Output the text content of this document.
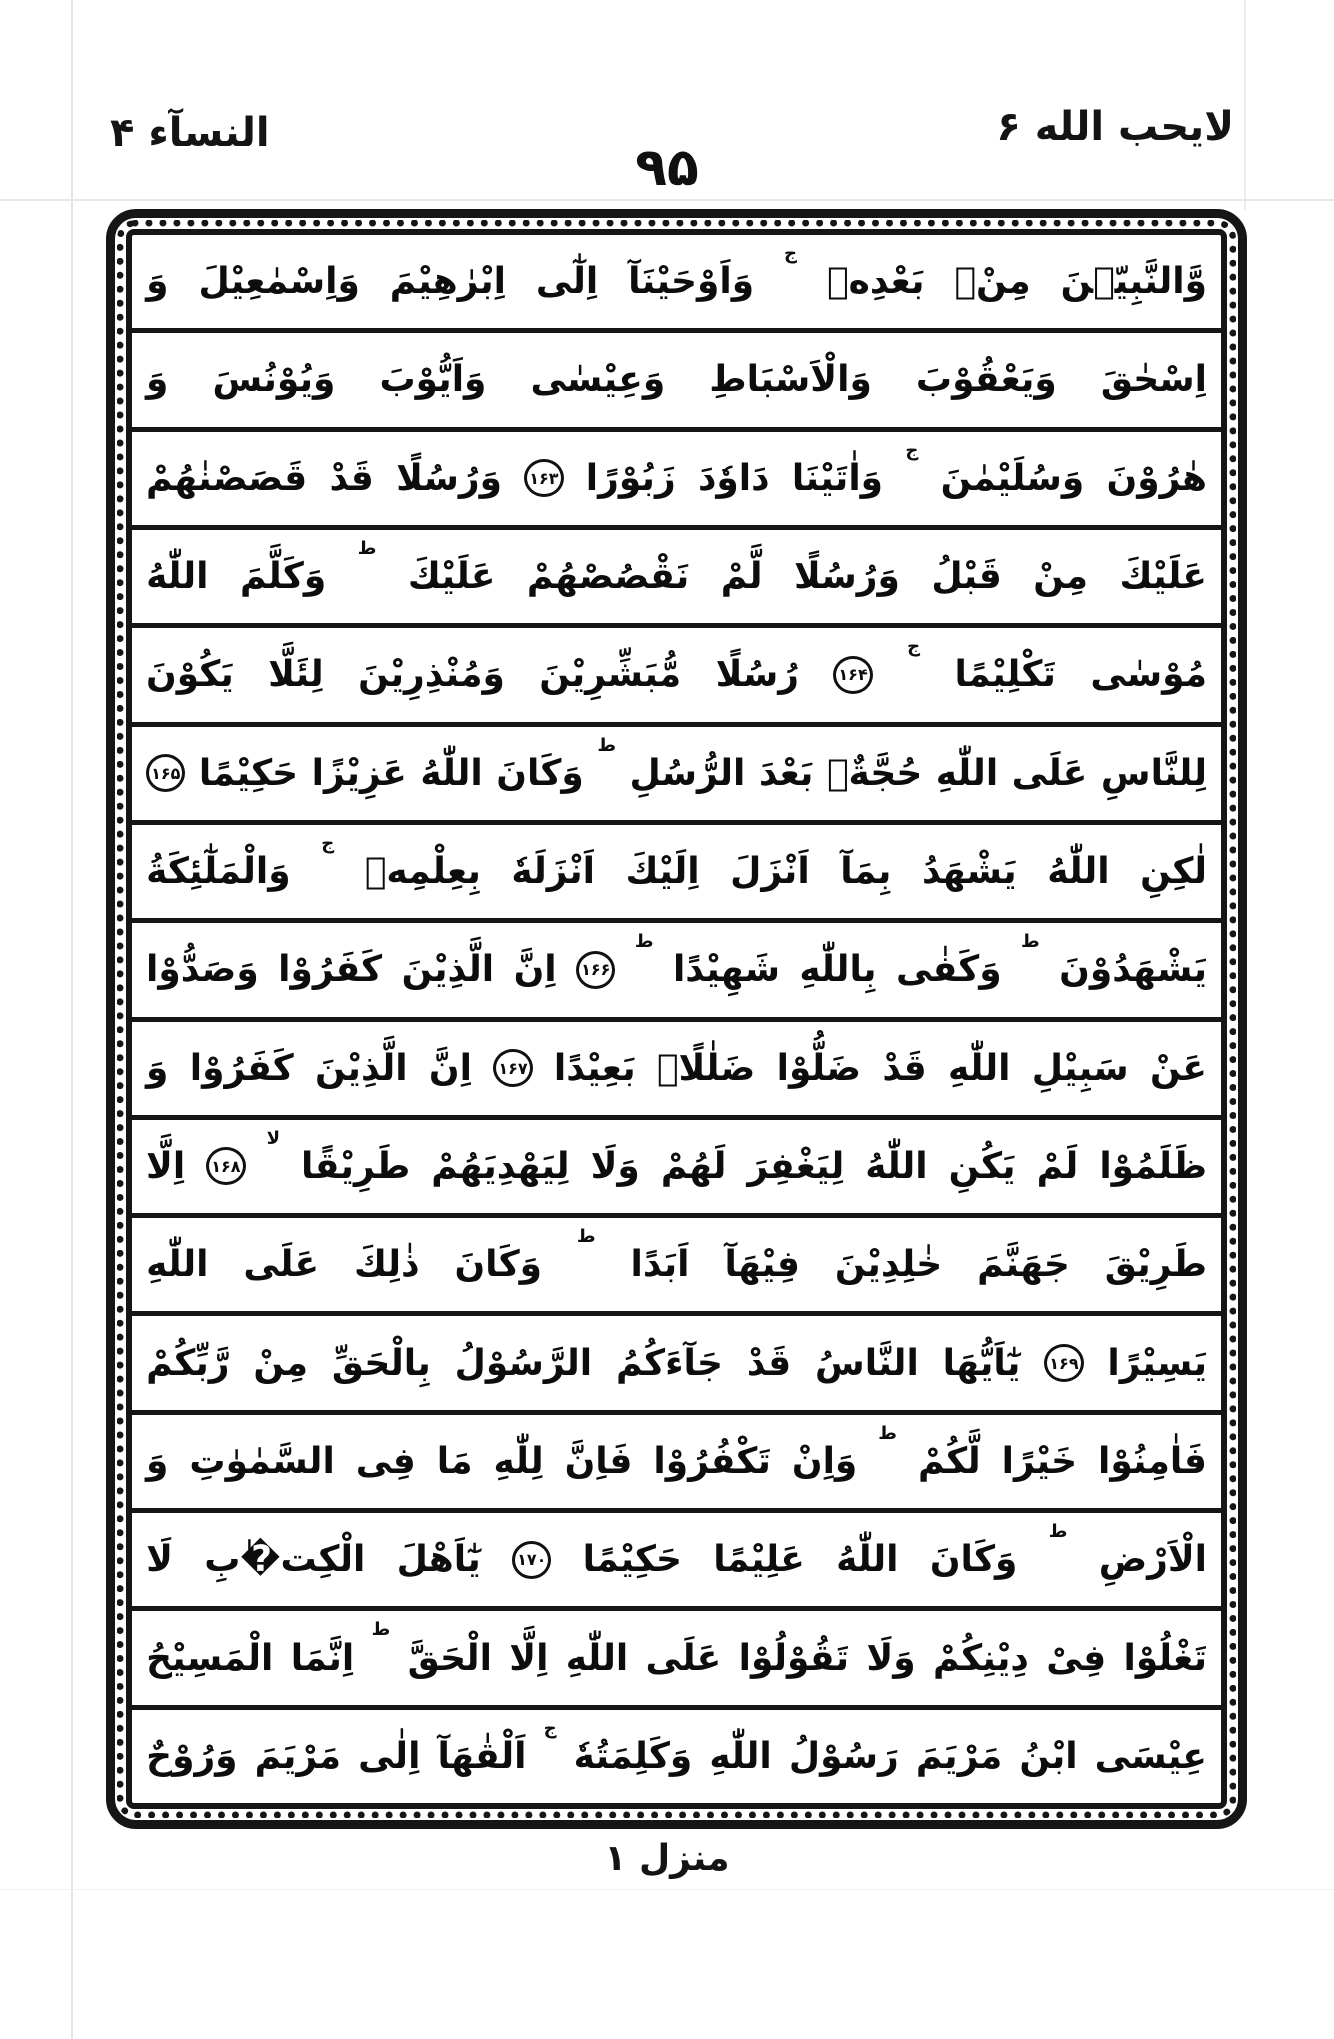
لايحب الله ۶
۹۵
النسآء ۴
وَّالنَّبِيّٖنَ
مِنْۢ
بَعْدِهٖ
ج
وَاَوْحَيْنَآ
اِلٰٓى
اِبْرٰهِيْمَ
وَاِسْمٰعِيْلَ
وَ
اِسْحٰقَ
وَيَعْقُوْبَ
وَالْاَسْبَاطِ
وَعِيْسٰى
وَاَيُّوْبَ
وَيُوْنُسَ
وَ
هٰرُوْنَ
وَسُلَيْمٰنَ
ج
وَاٰتَيْنَا
دَاوٗدَ
زَبُوْرًا
۱۶۳
وَرُسُلًا
قَدْ
قَصَصْنٰهُمْ
عَلَيْكَ
مِنْ
قَبْلُ
وَرُسُلًا
لَّمْ
نَقْصُصْهُمْ
عَلَيْكَ
ط
وَكَلَّمَ
اللّٰهُ
مُوْسٰى
تَكْلِيْمًا
ج
۱۶۴
رُسُلًا
مُّبَشِّرِيْنَ
وَمُنْذِرِيْنَ
لِئَلَّا
يَكُوْنَ
لِلنَّاسِ
عَلَى
اللّٰهِ
حُجَّةٌۢ
بَعْدَ
الرُّسُلِ
ط
وَكَانَ
اللّٰهُ
عَزِيْزًا
حَكِيْمًا
۱۶۵
لٰكِنِ
اللّٰهُ
يَشْهَدُ
بِمَآ
اَنْزَلَ
اِلَيْكَ
اَنْزَلَهٗ
بِعِلْمِهٖ
ج
وَالْمَلٰٓئِكَةُ
يَشْهَدُوْنَ
ط
وَكَفٰى
بِاللّٰهِ
شَهِيْدًا
ط
۱۶۶
اِنَّ
الَّذِيْنَ
كَفَرُوْا
وَصَدُّوْا
عَنْ
سَبِيْلِ
اللّٰهِ
قَدْ
ضَلُّوْا
ضَلٰلًاۢ
بَعِيْدًا
۱۶۷
اِنَّ
الَّذِيْنَ
كَفَرُوْا
وَ
ظَلَمُوْا
لَمْ
يَكُنِ
اللّٰهُ
لِيَغْفِرَ
لَهُمْ
وَلَا
لِيَهْدِيَهُمْ
طَرِيْقًا
لا
۱۶۸
اِلَّا
طَرِيْقَ
جَهَنَّمَ
خٰلِدِيْنَ
فِيْهَآ
اَبَدًا
ط
وَكَانَ
ذٰلِكَ
عَلَى
اللّٰهِ
يَسِيْرًا
۱۶۹
يٰٓاَيُّهَا
النَّاسُ
قَدْ
جَآءَكُمُ
الرَّسُوْلُ
بِالْحَقِّ
مِنْ
رَّبِّكُمْ
فَاٰمِنُوْا
خَيْرًا
لَّكُمْ
ط
وَاِنْ
تَكْفُرُوْا
فَاِنَّ
لِلّٰهِ
مَا
فِى
السَّمٰوٰتِ
وَ
الْاَرْضِ
ط
وَكَانَ
اللّٰهُ
عَلِيْمًا
حَكِيْمًا
۱۷۰
يٰٓاَهْلَ
الْكِت�ٰبِ
لَا
تَغْلُوْا
فِىْ
دِيْنِكُمْ
وَلَا
تَقُوْلُوْا
عَلَى
اللّٰهِ
اِلَّا
الْحَقَّ
ط
اِنَّمَا
الْمَسِيْحُ
عِيْسَى
ابْنُ
مَرْيَمَ
رَسُوْلُ
اللّٰهِ
وَكَلِمَتُهٗ
ج
اَلْقٰهَآ
اِلٰى
مَرْيَمَ
وَرُوْحٌ
منزل ۱
